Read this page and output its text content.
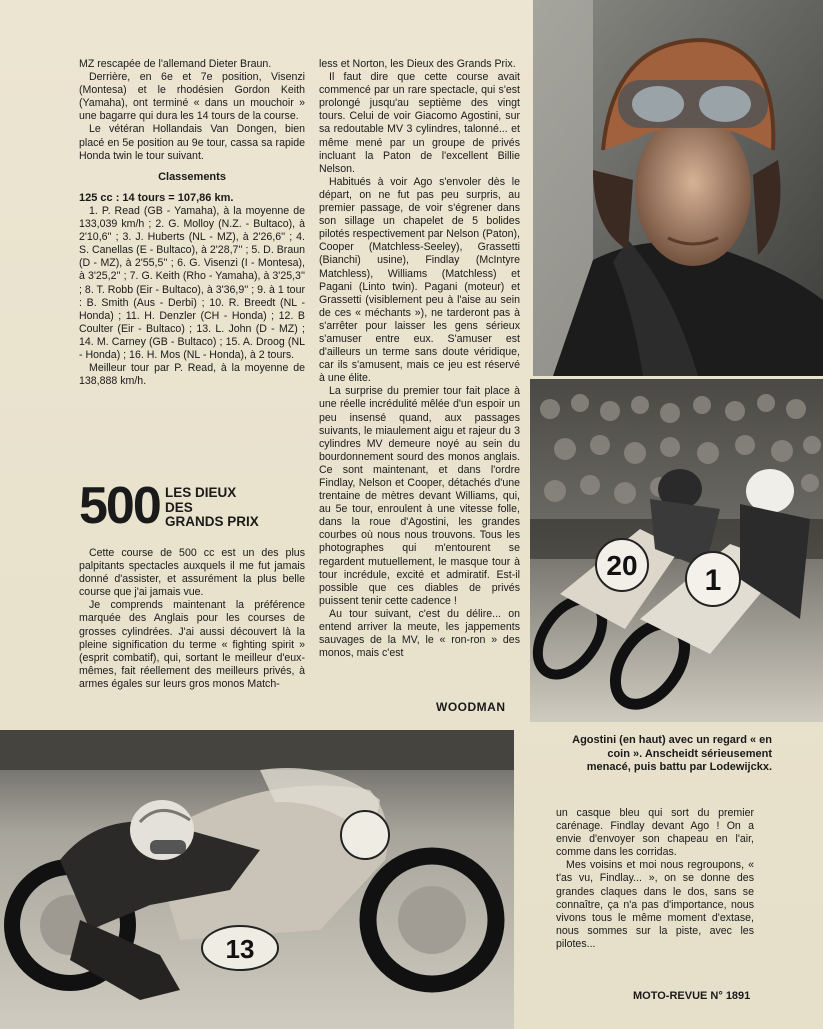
MZ rescapée de l'allemand Dieter Braun.

Derrière, en 6e et 7e position, Visenzi (Montesa) et le rhodésien Gordon Keith (Yamaha), ont terminé « dans un mouchoir » une bagarre qui dura les 14 tours de la course.

Le vétéran Hollandais Van Dongen, bien placé en 5e position au 9e tour, cassa sa rapide Honda twin le tour suivant.

Classements

125 cc : 14 tours = 107,86 km.

1. P. Read (GB - Yamaha), à la moyenne de 133,039 km/h ; 2. G. Molloy (N.Z. - Bultaco), à 2'10,6'' ; 3. J. Huberts (NL - MZ), à 2'26,6'' ; 4. S. Canellas (E - Bultaco), à 2'28,7'' ; 5. D. Braun (D - MZ), à 2'55,5'' ; 6. G. Visenzi (I - Montesa), à 3'25,2'' ; 7. G. Keith (Rho - Yamaha), à 3'25,3'' ; 8. T. Robb (Eir - Bultaco), à 3'36,9'' ; 9. à 1 tour : B. Smith (Aus - Derbi) ; 10. R. Breedt (NL - Honda) ; 11. H. Denzler (CH - Honda) ; 12. B Coulter (Eir - Bultaco) ; 13. L. John (D - MZ) ; 14. M. Carney (GB - Bultaco) ; 15. A. Droog (NL - Honda) ; 16. H. Mos (NL - Honda), à 2 tours.

Meilleur tour par P. Read, à la moyenne de 138,888 km/h.

500 LES DIEUX
DES
GRANDS PRIX

Cette course de 500 cc est un des plus palpitants spectacles auxquels il me fut jamais donné d'assister, et assurément la plus belle course que j'ai jamais vue.

Je comprends maintenant la préférence marquée des Anglais pour les courses de grosses cylindrées. J'ai aussi découvert là la pleine signification du terme « fighting spirit » (esprit combatif), qui, sortant le meilleur d'eux-mêmes, fait réellement des meilleurs privés, à armes égales sur leurs gros monos Match-

less et Norton, les Dieux des Grands Prix.

Il faut dire que cette course avait commencé par un rare spectacle, qui s'est prolongé jusqu'au septième des vingt tours. Celui de voir Giacomo Agostini, sur sa redoutable MV 3 cylindres, talonné... et même mené par un groupe de privés incluant la Paton de l'excellent Billie Nelson.

Habitués à voir Ago s'envoler dès le départ, on ne fut pas peu surpris, au premier passage, de voir s'égrener dans son sillage un chapelet de 5 bolides pilotés respectivement par Nelson (Paton), Cooper (Matchless-Seeley), Grassetti (Bianchi) usine), Findlay (McIntyre Matchless), Williams (Matchless) et Pagani (Linto twin). Pagani (moteur) et Grassetti (visiblement peu à l'aise au sein de ces « méchants »), ne tarderont pas à s'arrêter pour laisser les gens sérieux s'amuser entre eux. S'amuser est d'ailleurs un terme sans doute véridique, car ils s'amusent, mais ce jeu est réservé à une élite.

La surprise du premier tour fait place à une réelle incrédulité mêlée d'un espoir un peu insensé quand, aux passages suivants, le miaulement aigu et rajeur du 3 cylindres MV demeure noyé au sein du bourdonnement sourd des monos anglais. Ce sont maintenant, et dans l'ordre Findlay, Nelson et Cooper, détachés d'une trentaine de mètres devant Williams, qui, au 5e tour, enroulent à une vitesse folle, dans la roue d'Agostini, les grandes courbes où nous nous trouvons. Tous les photographes qui m'entourent se regardent mutuellement, le masque tour à tour incrédule, excité et admiratif. Est-il possible que ces diables de privés puissent tenir cette cadence !

Au tour suivant, c'est du délire... on entend arriver la meute, les jappements sauvages de la MV, le « ron-ron » des monos, mais c'est

WOODMAN
20 1
Agostini (en haut) avec un regard « en coin ». Anscheidt sérieusement menacé, puis battu par Lodewijckx.
13

un casque bleu qui sort du premier carénage. Findlay devant Ago ! On a envie d'envoyer son chapeau en l'air, comme dans les corridas.

Mes voisins et moi nous regroupons, « t'as vu, Findlay... », on se donne des grandes claques dans le dos, sans se connaître, ça n'a pas d'importance, nous vivons tous le même moment d'extase, nous sommes sur la piste, avec les pilotes...

MOTO-REVUE N° 1891
